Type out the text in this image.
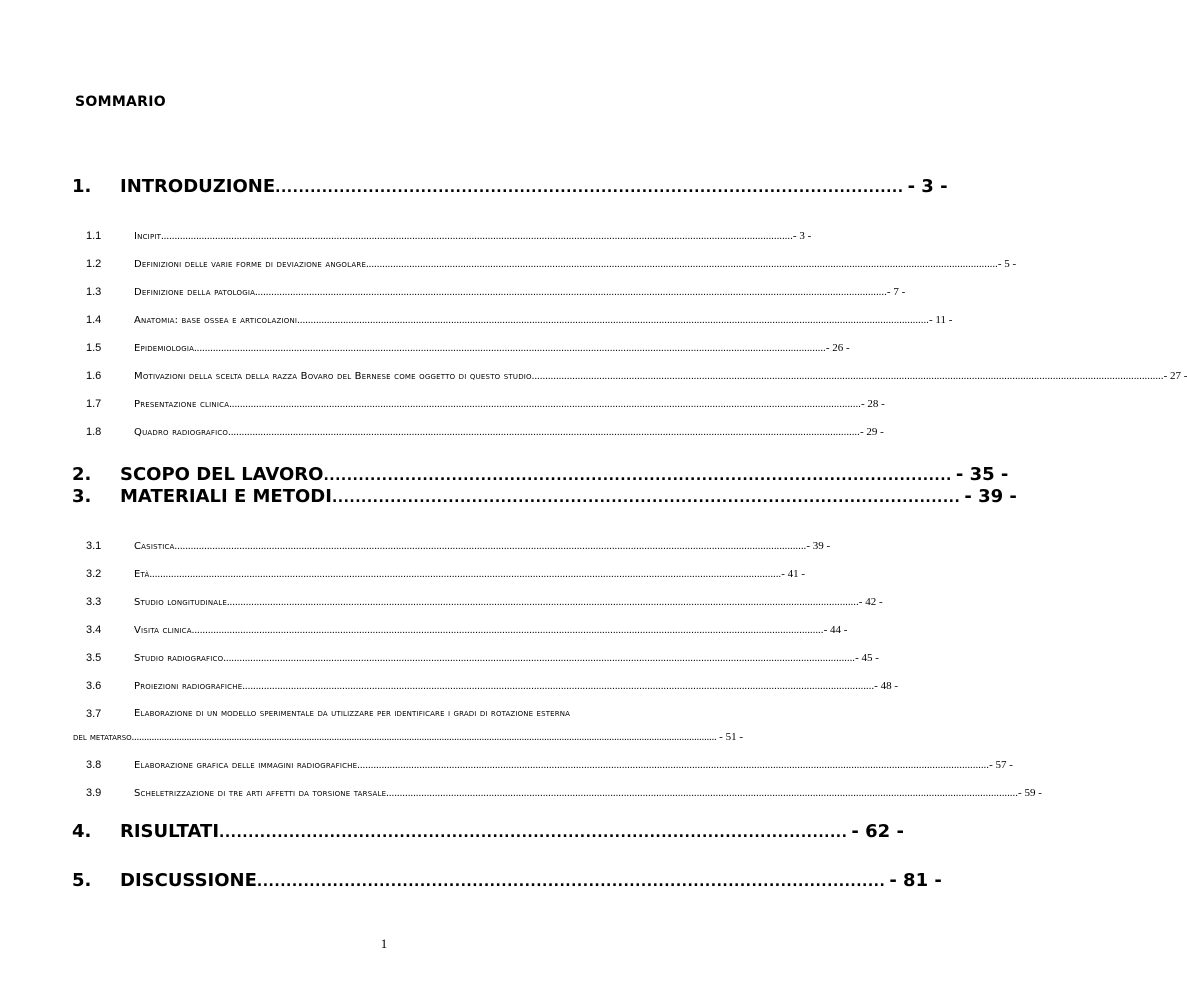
SOMMARIO
1. INTRODUZIONE ............................................................................................................ - 3 -
1.1	Incipit .......................................................................................................................................................................................................................................... - 3 -
1.2	Definizioni delle varie forme di deviazione angolare .......................................................................................................................................................................................................................................... - 5 -
1.3	Definizione della patologia .......................................................................................................................................................................................................................................... - 7 -
1.4	Anatomia: base ossea e articolazioni .......................................................................................................................................................................................................................................... - 11 -
1.5	Epidemiologia .......................................................................................................................................................................................................................................... - 26 -
1.6	Motivazioni della scelta della razza Bovaro del Bernese come oggetto di questo studio .......................................................................................................................................................................................................................................... - 27 -
1.7	Presentazione clinica .......................................................................................................................................................................................................................................... - 28 -
1.8	Quadro radiografico .......................................................................................................................................................................................................................................... - 29 -
2. SCOPO DEL LAVORO ............................................................................................................ - 35 -
3. MATERIALI E METODI ............................................................................................................ - 39 -
3.1	Casistica .......................................................................................................................................................................................................................................... - 39 -
3.2	Età .......................................................................................................................................................................................................................................... - 41 -
3.3	Studio longitudinale .......................................................................................................................................................................................................................................... - 42 -
3.4	Visita clinica .......................................................................................................................................................................................................................................... - 44 -
3.5	Studio radiografico .......................................................................................................................................................................................................................................... - 45 -
3.6	Proiezioni radiografiche .......................................................................................................................................................................................................................................... - 48 -
3.7	Elaborazione di un modello sperimentale da utilizzare per identificare i gradi di rotazione esterna
del metatarso .......................................................................................................................................................................................................................................... - 51 -
3.8	Elaborazione grafica delle immagini radiografiche .......................................................................................................................................................................................................................................... - 57 -
3.9	Scheletrizzazione di tre arti affetti da torsione tarsale .......................................................................................................................................................................................................................................... - 59 -
4. RISULTATI ............................................................................................................ - 62 -
5. DISCUSSIONE ............................................................................................................ - 81 -
1
